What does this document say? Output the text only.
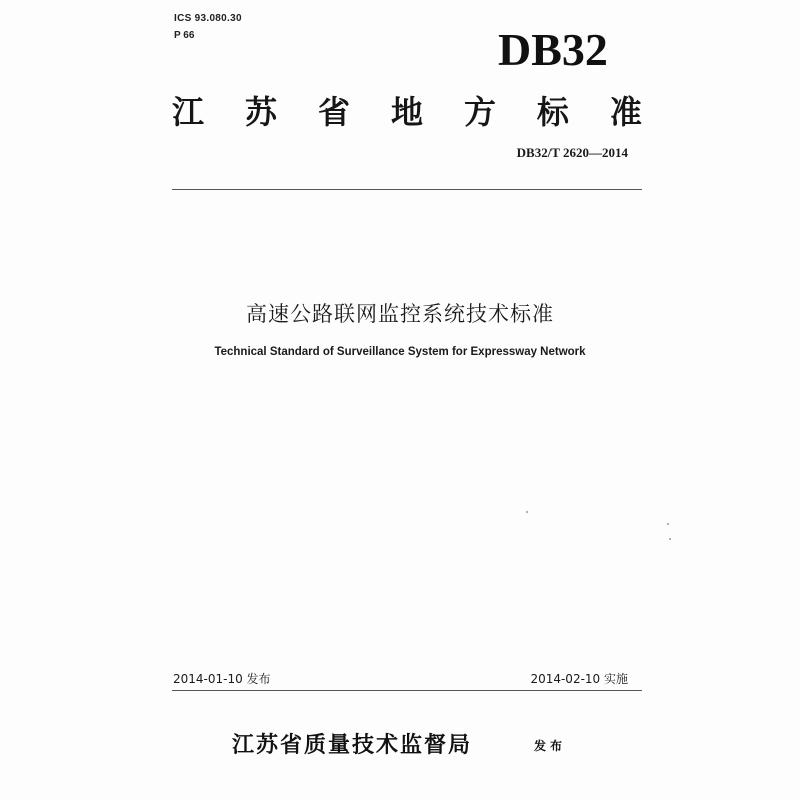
ICS 93.080.30
P 66	DB32
江 苏 省 地 方 标 准
DB32/T 2620—2014
高速公路联网监控系统技术标准
Technical Standard of Surveillance System for Expressway Network
2014-01-10 发布	2014-02-10 实施
江苏省质量技术监督局	发布
